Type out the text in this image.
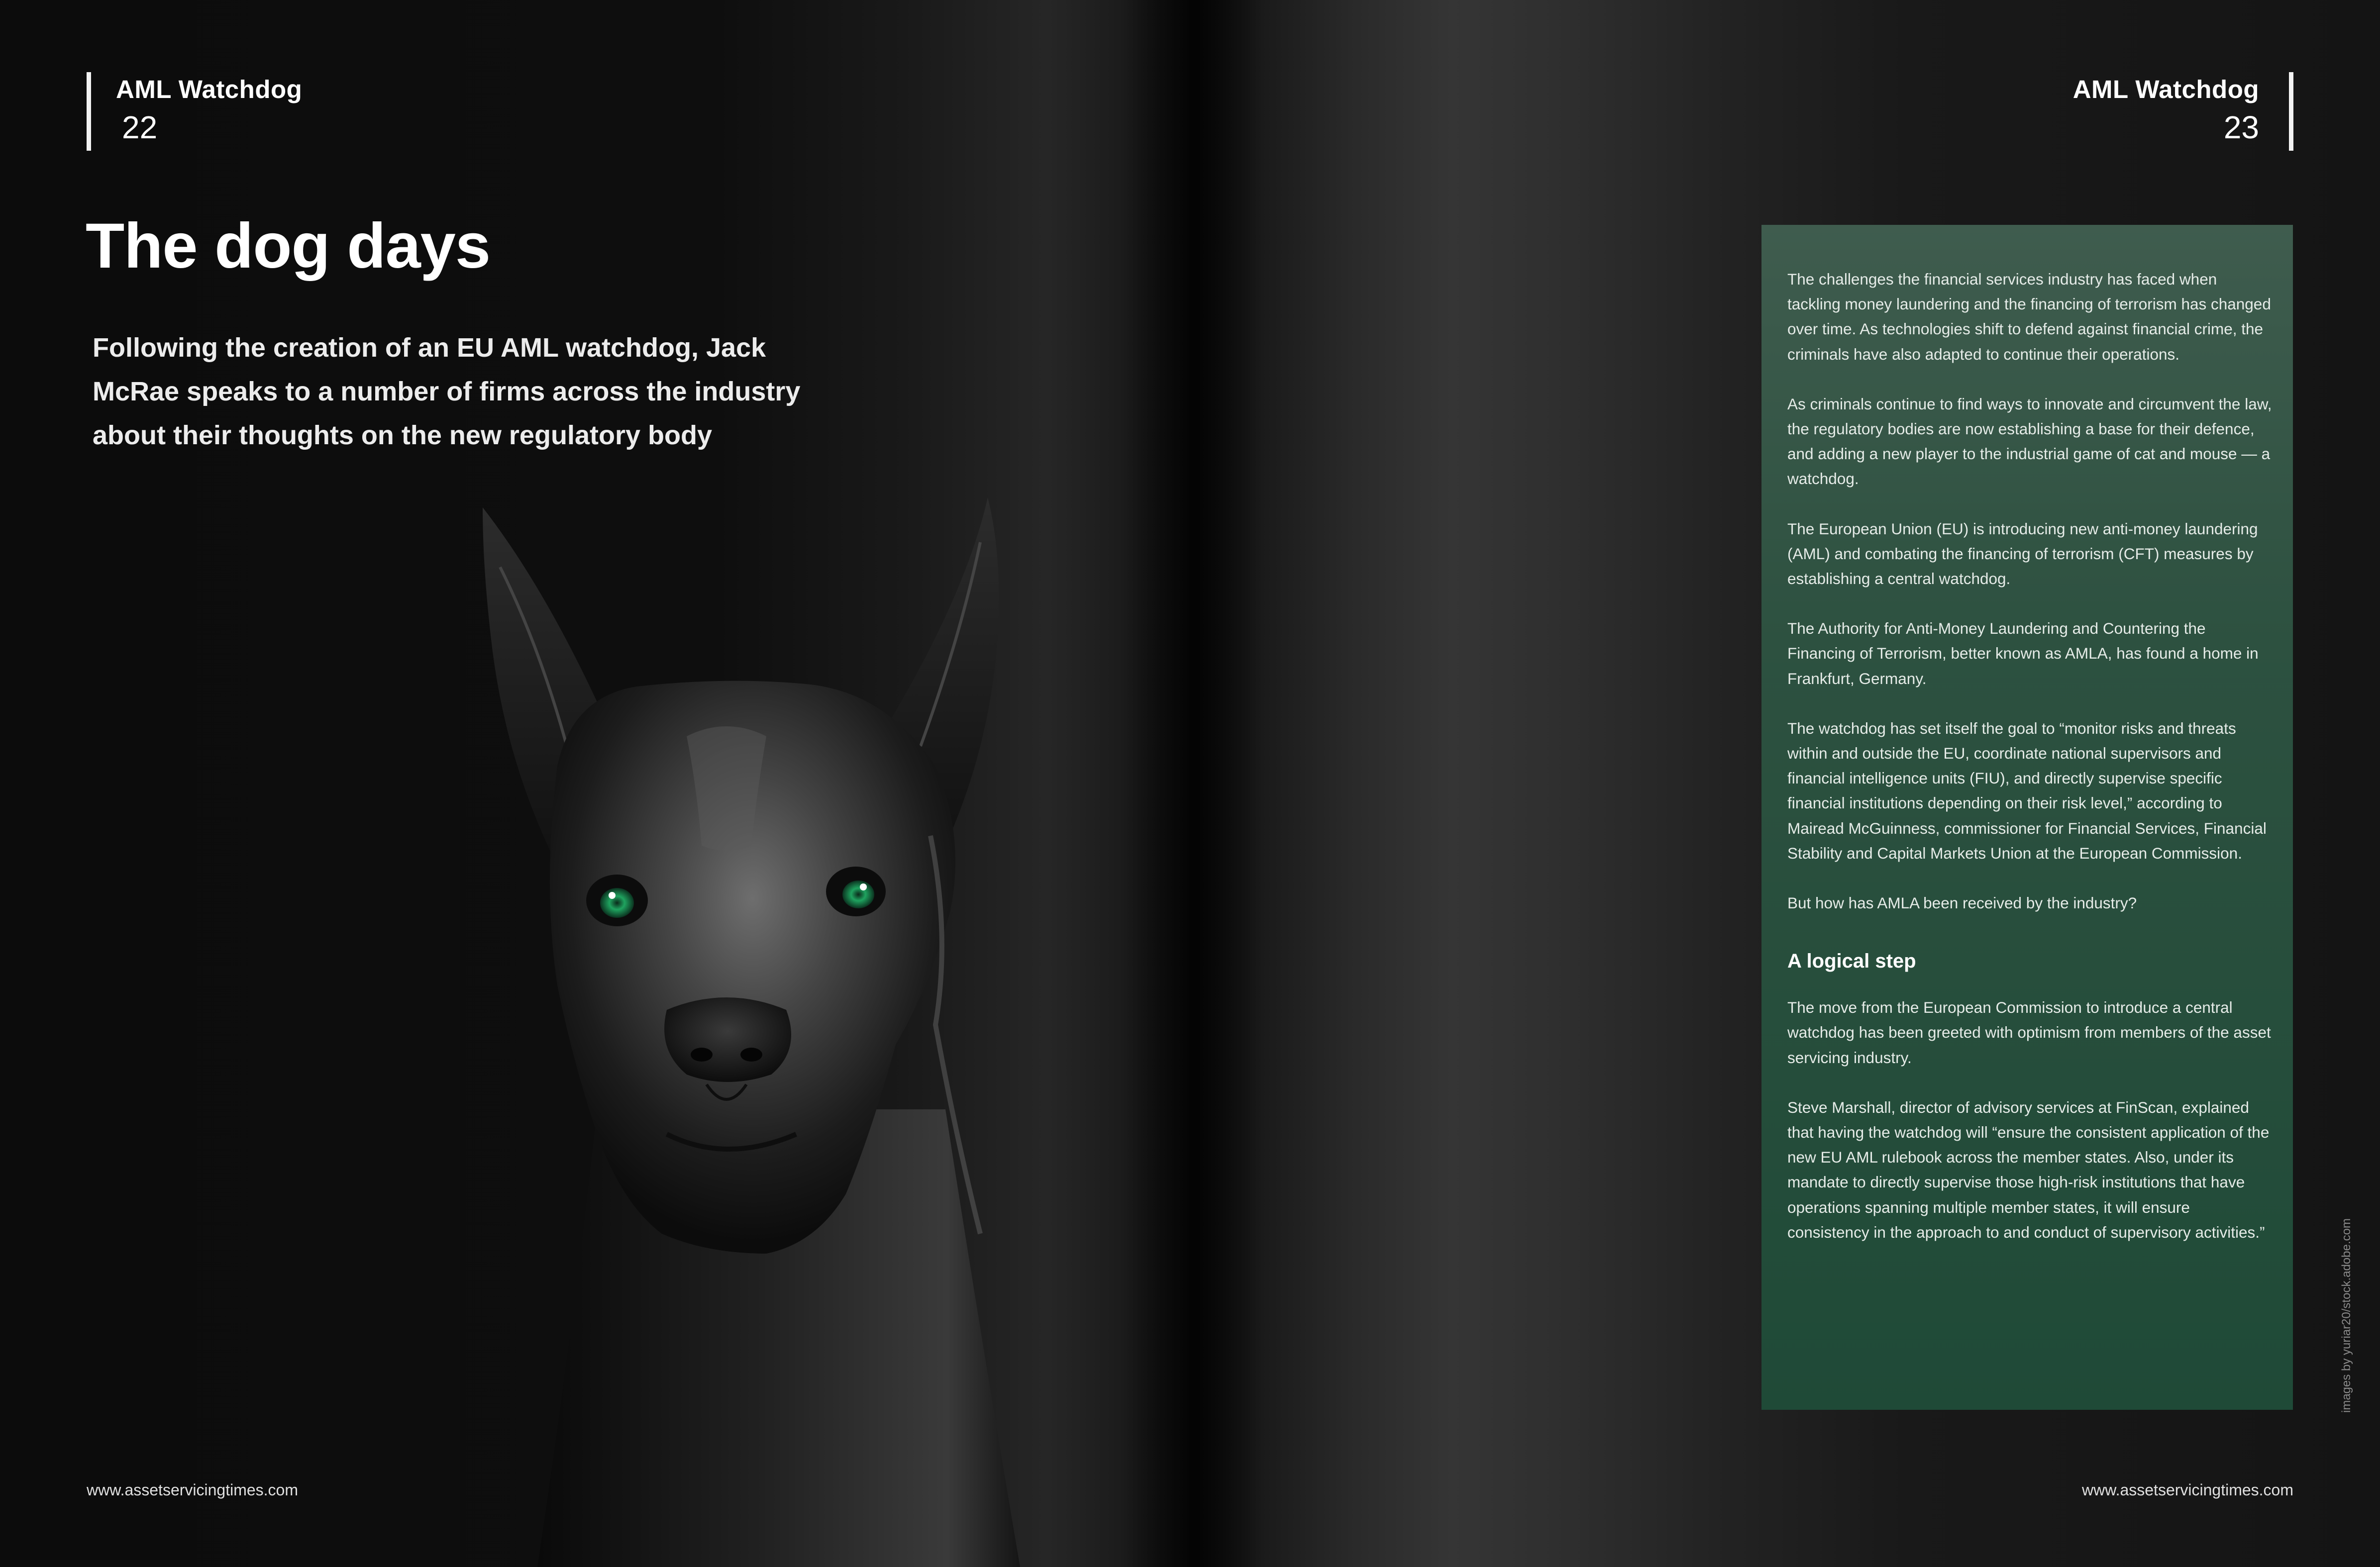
AML Watchdog
22
The dog days

Following the creation of an EU AML watchdog, Jack McRae speaks to a number of firms across the industry about their thoughts on the new regulatory body

www.assetservicingtimes.com
AML Watchdog
23

The challenges the financial services industry has faced when tackling money laundering and the financing of terrorism has changed over time. As technologies shift to defend against financial crime, the criminals have also adapted to continue their operations.

As criminals continue to find ways to innovate and circumvent the law, the regulatory bodies are now establishing a base for their defence, and adding a new player to the industrial game of cat and mouse — a watchdog.

The European Union (EU) is introducing new anti-money laundering (AML) and combating the financing of terrorism (CFT) measures by establishing a central watchdog.

The Authority for Anti-Money Laundering and Countering the Financing of Terrorism, better known as AMLA, has found a home in Frankfurt, Germany.

The watchdog has set itself the goal to “monitor risks and threats within and outside the EU, coordinate national supervisors and financial intelligence units (FIU), and directly supervise specific financial institutions depending on their risk level,” according to Mairead McGuinness, commissioner for Financial Services, Financial Stability and Capital Markets Union at the European Commission.

But how has AMLA been received by the industry?

A logical step

The move from the European Commission to introduce a central watchdog has been greeted with optimism from members of the asset servicing industry.

Steve Marshall, director of advisory services at FinScan, explained that having the watchdog will “ensure the consistent application of the new EU AML rulebook across the member states. Also, under its mandate to directly supervise those high-risk institutions that have operations spanning multiple member states, it will ensure consistency in the approach to and conduct of supervisory activities.”	images by yuriar20/stock.adobe.com
www.assetservicingtimes.com
